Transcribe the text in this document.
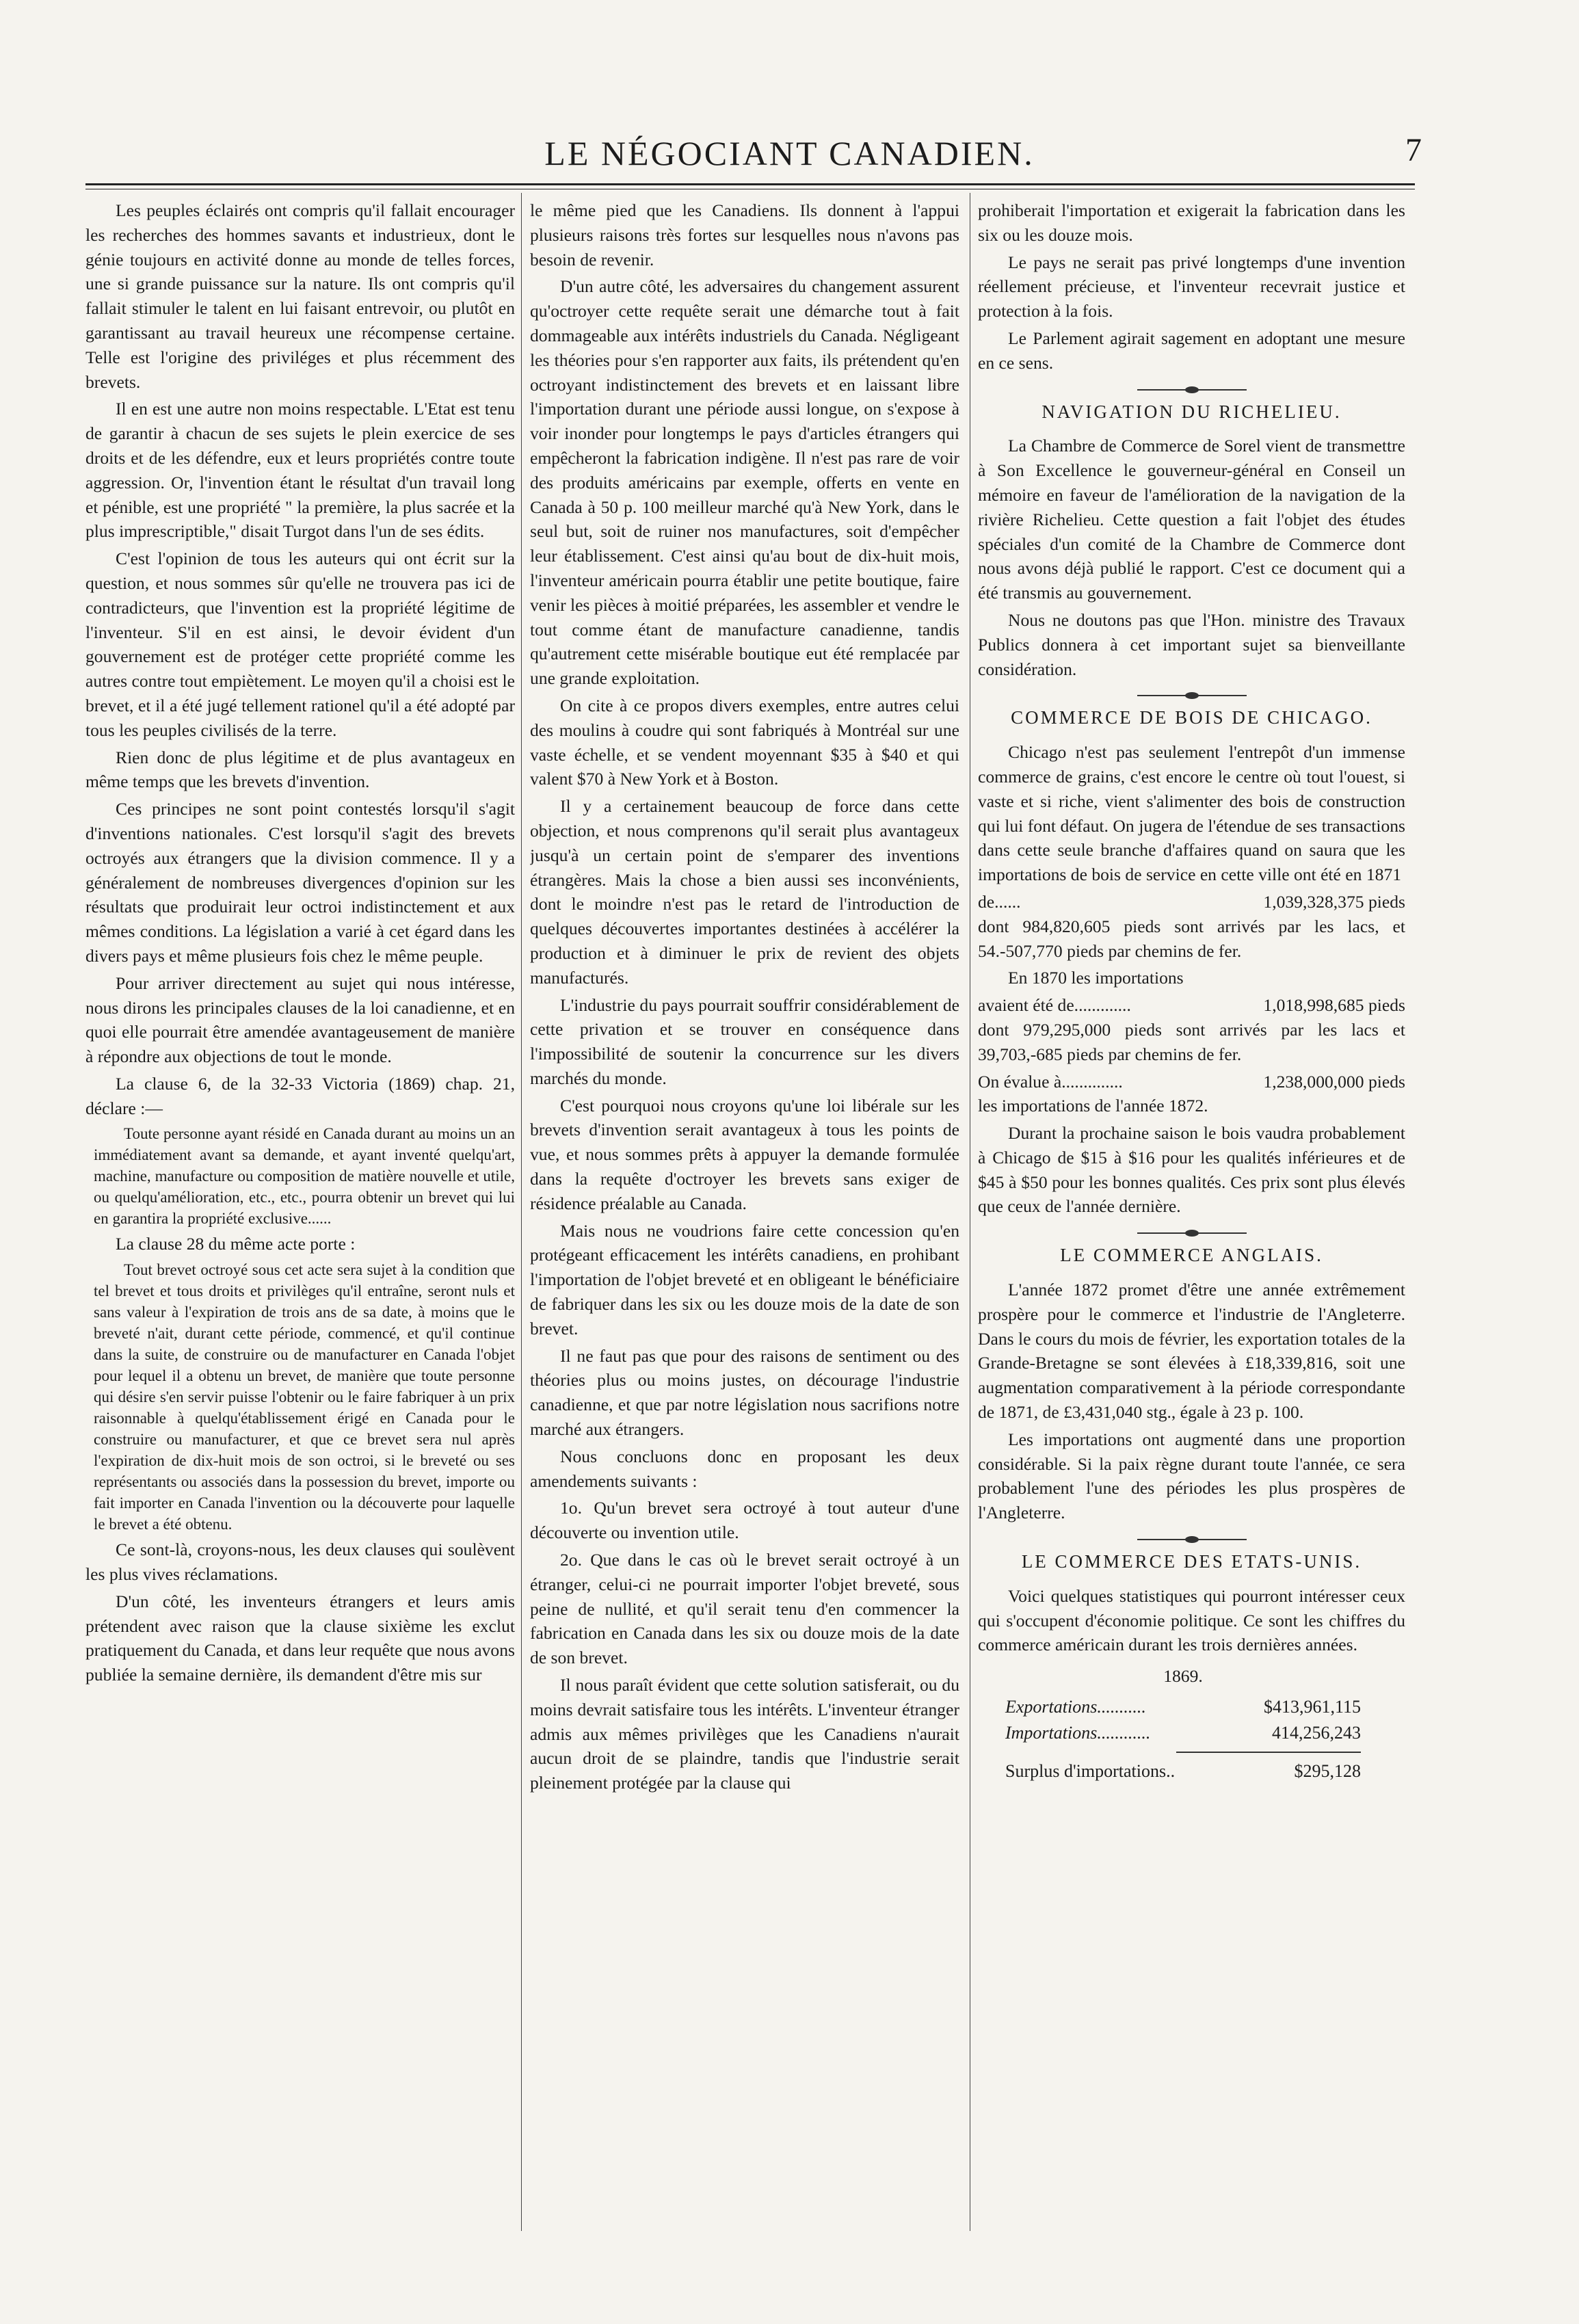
LE NÉGOCIANT CANADIEN.	7

Les peuples éclairés ont compris qu'il fallait encourager les recherches des hommes savants et industrieux, dont le génie toujours en activité donne au monde de telles forces, une si grande puissance sur la nature. Ils ont compris qu'il fallait stimuler le talent en lui faisant entrevoir, ou plutôt en garantissant au travail heureux une récompense certaine. Telle est l'origine des priviléges et plus récemment des brevets.

Il en est une autre non moins respectable. L'Etat est tenu de garantir à chacun de ses sujets le plein exercice de ses droits et de les défendre, eux et leurs propriétés contre toute aggression. Or, l'invention étant le résultat d'un travail long et pénible, est une propriété " la première, la plus sacrée et la plus imprescriptible," disait Turgot dans l'un de ses édits.

C'est l'opinion de tous les auteurs qui ont écrit sur la question, et nous sommes sûr qu'elle ne trouvera pas ici de contradicteurs, que l'invention est la propriété légitime de l'inventeur. S'il en est ainsi, le devoir évident d'un gouvernement est de protéger cette propriété comme les autres contre tout empiètement. Le moyen qu'il a choisi est le brevet, et il a été jugé tellement rationel qu'il a été adopté par tous les peuples civilisés de la terre.

Rien donc de plus légitime et de plus avantageux en même temps que les brevets d'invention.

Ces principes ne sont point contestés lorsqu'il s'agit d'inventions nationales. C'est lorsqu'il s'agit des brevets octroyés aux étrangers que la division commence. Il y a généralement de nombreuses divergences d'opinion sur les résultats que produirait leur octroi indistinctement et aux mêmes conditions. La législation a varié à cet égard dans les divers pays et même plusieurs fois chez le même peuple.

Pour arriver directement au sujet qui nous intéresse, nous dirons les principales clauses de la loi canadienne, et en quoi elle pourrait être amendée avantageusement de manière à répondre aux objections de tout le monde.

La clause 6, de la 32-33 Victoria (1869) chap. 21, déclare :—

Toute personne ayant résidé en Canada durant au moins un an immédiatement avant sa demande, et ayant inventé quelqu'art, machine, manufacture ou composition de matière nouvelle et utile, ou quelqu'amélioration, etc., etc., pourra obtenir un brevet qui lui en garantira la propriété exclusive......

La clause 28 du même acte porte :

Tout brevet octroyé sous cet acte sera sujet à la condition que tel brevet et tous droits et privilèges qu'il entraîne, seront nuls et sans valeur à l'expiration de trois ans de sa date, à moins que le breveté n'ait, durant cette période, commencé, et qu'il continue dans la suite, de construire ou de manufacturer en Canada l'objet pour lequel il a obtenu un brevet, de manière que toute personne qui désire s'en servir puisse l'obtenir ou le faire fabriquer à un prix raisonnable à quelqu'établissement érigé en Canada pour le construire ou manufacturer, et que ce brevet sera nul après l'expiration de dix-huit mois de son octroi, si le breveté ou ses représentants ou associés dans la possession du brevet, importe ou fait importer en Canada l'invention ou la découverte pour laquelle le brevet a été obtenu.

Ce sont-là, croyons-nous, les deux clauses qui soulèvent les plus vives réclamations.

D'un côté, les inventeurs étrangers et leurs amis prétendent avec raison que la clause sixième les exclut pratiquement du Canada, et dans leur requête que nous avons publiée la semaine dernière, ils demandent d'être mis sur

le même pied que les Canadiens. Ils donnent à l'appui plusieurs raisons très fortes sur lesquelles nous n'avons pas besoin de revenir.

D'un autre côté, les adversaires du changement assurent qu'octroyer cette requête serait une démarche tout à fait dommageable aux intérêts industriels du Canada. Négligeant les théories pour s'en rapporter aux faits, ils prétendent qu'en octroyant indistinctement des brevets et en laissant libre l'importation durant une période aussi longue, on s'expose à voir inonder pour longtemps le pays d'articles étrangers qui empêcheront la fabrication indigène. Il n'est pas rare de voir des produits américains par exemple, offerts en vente en Canada à 50 p. 100 meilleur marché qu'à New York, dans le seul but, soit de ruiner nos manufactures, soit d'empêcher leur établissement. C'est ainsi qu'au bout de dix-huit mois, l'inventeur américain pourra établir une petite boutique, faire venir les pièces à moitié préparées, les assembler et vendre le tout comme étant de manufacture canadienne, tandis qu'autrement cette misérable boutique eut été remplacée par une grande exploitation.

On cite à ce propos divers exemples, entre autres celui des moulins à coudre qui sont fabriqués à Montréal sur une vaste échelle, et se vendent moyennant $35 à $40 et qui valent $70 à New York et à Boston.

Il y a certainement beaucoup de force dans cette objection, et nous comprenons qu'il serait plus avantageux jusqu'à un certain point de s'emparer des inventions étrangères. Mais la chose a bien aussi ses inconvénients, dont le moindre n'est pas le retard de l'introduction de quelques découvertes importantes destinées à accélérer la production et à diminuer le prix de revient des objets manufacturés.

L'industrie du pays pourrait souffrir considérablement de cette privation et se trouver en conséquence dans l'impossibilité de soutenir la concurrence sur les divers marchés du monde.

C'est pourquoi nous croyons qu'une loi libérale sur les brevets d'invention serait avantageux à tous les points de vue, et nous sommes prêts à appuyer la demande formulée dans la requête d'octroyer les brevets sans exiger de résidence préalable au Canada.

Mais nous ne voudrions faire cette concession qu'en protégeant efficacement les intérêts canadiens, en prohibant l'importation de l'objet breveté et en obligeant le bénéficiaire de fabriquer dans les six ou les douze mois de la date de son brevet.

Il ne faut pas que pour des raisons de sentiment ou des théories plus ou moins justes, on décourage l'industrie canadienne, et que par notre législation nous sacrifions notre marché aux étrangers.

Nous concluons donc en proposant les deux amendements suivants :

1o. Qu'un brevet sera octroyé à tout auteur d'une découverte ou invention utile.

2o. Que dans le cas où le brevet serait octroyé à un étranger, celui-ci ne pourrait importer l'objet breveté, sous peine de nullité, et qu'il serait tenu d'en commencer la fabrication en Canada dans les six ou douze mois de la date de son brevet.

Il nous paraît évident que cette solution satisferait, ou du moins devrait satisfaire tous les intérêts. L'inventeur étranger admis aux mêmes privilèges que les Canadiens n'aurait aucun droit de se plaindre, tandis que l'industrie serait pleinement protégée par la clause qui

prohiberait l'importation et exigerait la fabrication dans les six ou les douze mois.

Le pays ne serait pas privé longtemps d'une invention réellement précieuse, et l'inventeur recevrait justice et protection à la fois.

Le Parlement agirait sagement en adoptant une mesure en ce sens.

NAVIGATION DU RICHELIEU.

La Chambre de Commerce de Sorel vient de transmettre à Son Excellence le gouverneur-général en Conseil un mémoire en faveur de l'amélioration de la navigation de la rivière Richelieu. Cette question a fait l'objet des études spéciales d'un comité de la Chambre de Commerce dont nous avons déjà publié le rapport. C'est ce document qui a été transmis au gouvernement.

Nous ne doutons pas que l'Hon. ministre des Travaux Publics donnera à cet important sujet sa bienveillante considération.

COMMERCE DE BOIS DE CHICAGO.

Chicago n'est pas seulement l'entrepôt d'un immense commerce de grains, c'est encore le centre où tout l'ouest, si vaste et si riche, vient s'alimenter des bois de construction qui lui font défaut. On jugera de l'étendue de ses transactions dans cette seule branche d'affaires quand on saura que les importations de bois de service en cette ville ont été en 1871

de......	1,039,328,375 pieds

dont 984,820,605 pieds sont arrivés par les lacs, et 54.-507,770 pieds par chemins de fer.

En 1870 les importations

avaient été de.............	1,018,998,685 pieds

dont 979,295,000 pieds sont arrivés par les lacs et 39,703,-685 pieds par chemins de fer.

On évalue à..............	1,238,000,000 pieds

les importations de l'année 1872.

Durant la prochaine saison le bois vaudra probablement à Chicago de $15 à $16 pour les qualités inférieures et de $45 à $50 pour les bonnes qualités. Ces prix sont plus élevés que ceux de l'année dernière.

LE COMMERCE ANGLAIS.

L'année 1872 promet d'être une année extrêmement prospère pour le commerce et l'industrie de l'Angleterre. Dans le cours du mois de février, les exportation totales de la Grande-Bretagne se sont élevées à £18,339,816, soit une augmentation comparativement à la période correspondante de 1871, de £3,431,040 stg., égale à 23 p. 100.

Les importations ont augmenté dans une proportion considérable. Si la paix règne durant toute l'année, ce sera probablement l'une des périodes les plus prospères de l'Angleterre.

LE COMMERCE DES ETATS-UNIS.

Voici quelques statistiques qui pourront intéresser ceux qui s'occupent d'économie politique. Ce sont les chiffres du commerce américain durant les trois dernières années.

1869.
Exportations...........	$413,961,115
Importations............	414,256,243
Surplus d'importations..	$295,128
